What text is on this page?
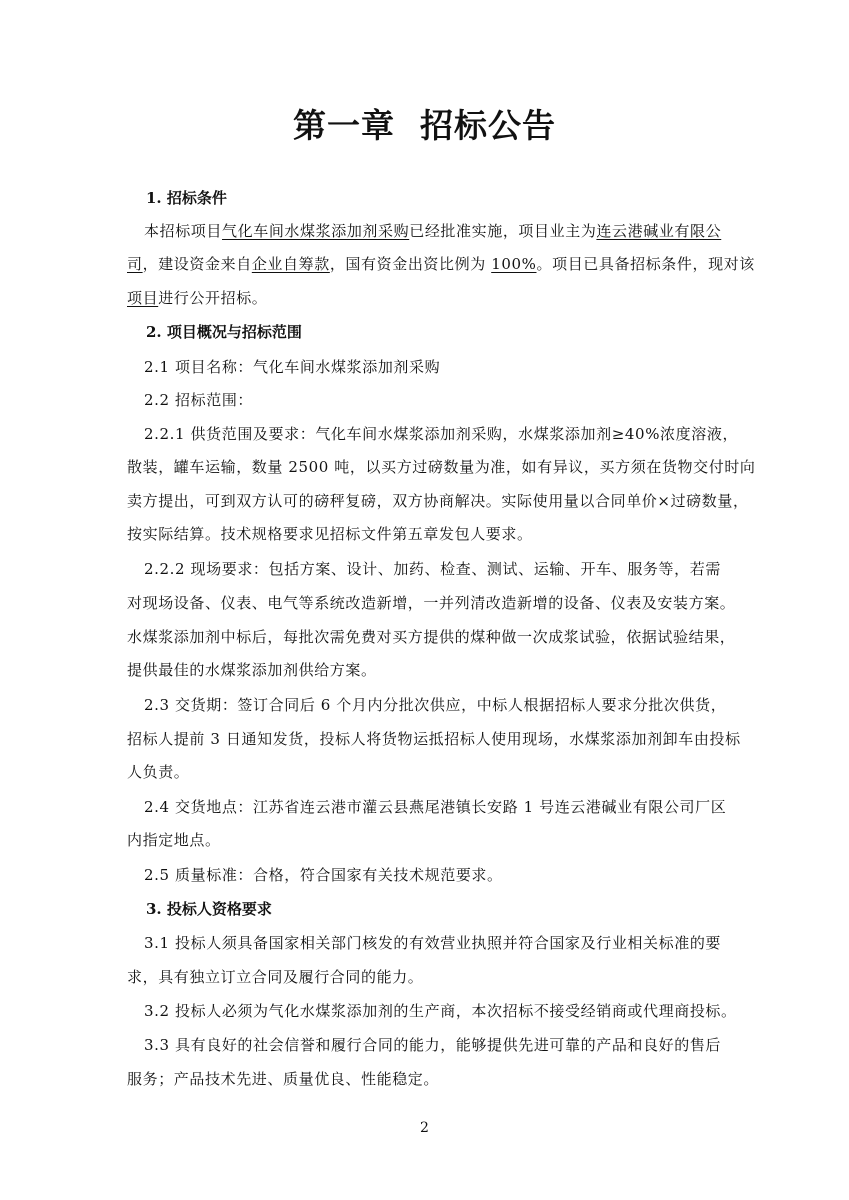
第一章  招标公告
1. 招标条件
本招标项目气化车间水煤浆添加剂采购已经批准实施，项目业主为连云港碱业有限公
司，建设资金来自企业自筹款，国有资金出资比例为 100%。项目已具备招标条件，现对该
项目进行公开招标。
2. 项目概况与招标范围
2.1 项目名称：气化车间水煤浆添加剂采购
2.2 招标范围：
2.2.1 供货范围及要求：气化车间水煤浆添加剂采购，水煤浆添加剂≥40%浓度溶液，
散装，罐车运输，数量 2500 吨，以买方过磅数量为准，如有异议，买方须在货物交付时向
卖方提出，可到双方认可的磅秤复磅，双方协商解决。实际使用量以合同单价×过磅数量，
按实际结算。技术规格要求见招标文件第五章发包人要求。
2.2.2 现场要求：包括方案、设计、加药、检查、测试、运输、开车、服务等，若需
对现场设备、仪表、电气等系统改造新增，一并列清改造新增的设备、仪表及安装方案。
水煤浆添加剂中标后，每批次需免费对买方提供的煤种做一次成浆试验，依据试验结果，
提供最佳的水煤浆添加剂供给方案。
2.3 交货期：签订合同后 6 个月内分批次供应，中标人根据招标人要求分批次供货，
招标人提前 3 日通知发货，投标人将货物运抵招标人使用现场，水煤浆添加剂卸车由投标
人负责。
2.4 交货地点：江苏省连云港市灌云县燕尾港镇长安路 1 号连云港碱业有限公司厂区
内指定地点。
2.5 质量标准：合格，符合国家有关技术规范要求。
3. 投标人资格要求
3.1 投标人须具备国家相关部门核发的有效营业执照并符合国家及行业相关标准的要
求，具有独立订立合同及履行合同的能力。
3.2 投标人必须为气化水煤浆添加剂的生产商，本次招标不接受经销商或代理商投标。
3.3 具有良好的社会信誉和履行合同的能力，能够提供先进可靠的产品和良好的售后
服务；产品技术先进、质量优良、性能稳定。
2
